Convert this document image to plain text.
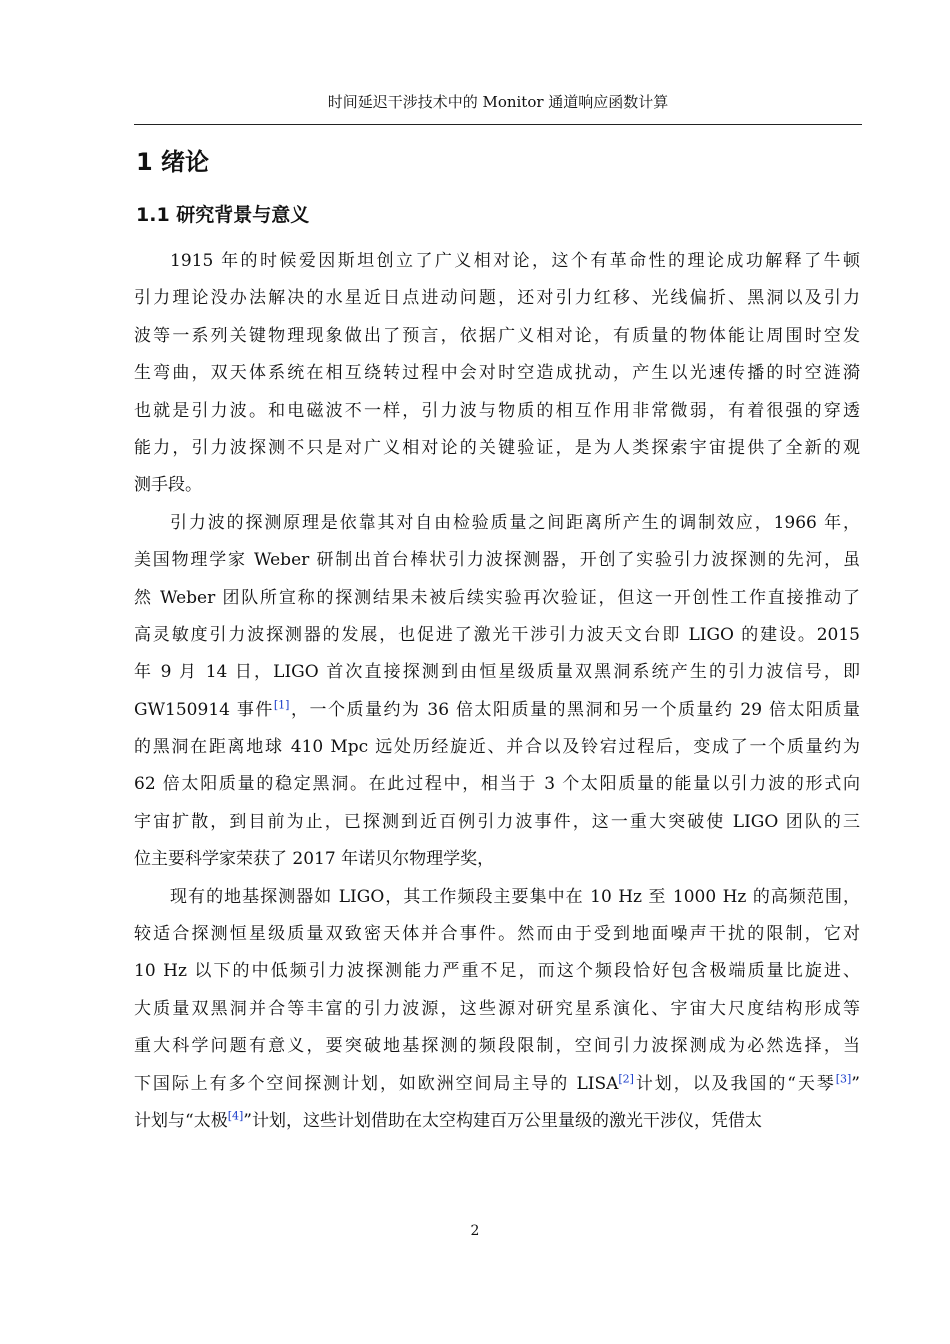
时间延迟干涉技术中的 Monitor 通道响应函数计算
1 绪论
1.1 研究背景与意义
1915 年的时候爱因斯坦创立了广义相对论，这个有革命性的理论成功解释了牛顿
引力理论没办法解决的水星近日点进动问题，还对引力红移、光线偏折、黑洞以及引力
波等一系列关键物理现象做出了预言，依据广义相对论，有质量的物体能让周围时空发
生弯曲，双天体系统在相互绕转过程中会对时空造成扰动，产生以光速传播的时空涟漪
也就是引力波。和电磁波不一样，引力波与物质的相互作用非常微弱，有着很强的穿透
能力，引力波探测不只是对广义相对论的关键验证，是为人类探索宇宙提供了全新的观
测手段。
引力波的探测原理是依靠其对自由检验质量之间距离所产生的调制效应，1966 年，
美国物理学家 Weber 研制出首台棒状引力波探测器，开创了实验引力波探测的先河，虽
然 Weber 团队所宣称的探测结果未被后续实验再次验证，但这一开创性工作直接推动了
高灵敏度引力波探测器的发展，也促进了激光干涉引力波天文台即 LIGO 的建设。2015
年 9 月 14 日，LIGO 首次直接探测到由恒星级质量双黑洞系统产生的引力波信号，即
GW150914 事件[1]，一个质量约为 36 倍太阳质量的黑洞和另一个质量约 29 倍太阳质量
的黑洞在距离地球 410 Mpc 远处历经旋近、并合以及铃宕过程后，变成了一个质量约为
62 倍太阳质量的稳定黑洞。在此过程中，相当于 3 个太阳质量的能量以引力波的形式向
宇宙扩散，到目前为止，已探测到近百例引力波事件，这一重大突破使 LIGO 团队的三
位主要科学家荣获了 2017 年诺贝尔物理学奖，
现有的地基探测器如 LIGO，其工作频段主要集中在 10 Hz 至 1000 Hz 的高频范围，
较适合探测恒星级质量双致密天体并合事件。然而由于受到地面噪声干扰的限制，它对
10 Hz 以下的中低频引力波探测能力严重不足，而这个频段恰好包含极端质量比旋进、
大质量双黑洞并合等丰富的引力波源，这些源对研究星系演化、宇宙大尺度结构形成等
重大科学问题有意义，要突破地基探测的频段限制，空间引力波探测成为必然选择，当
下国际上有多个空间探测计划，如欧洲空间局主导的 LISA[2]计划，以及我国的“天琴[3]”
计划与“太极[4]”计划，这些计划借助在太空构建百万公里量级的激光干涉仪，凭借太
2
